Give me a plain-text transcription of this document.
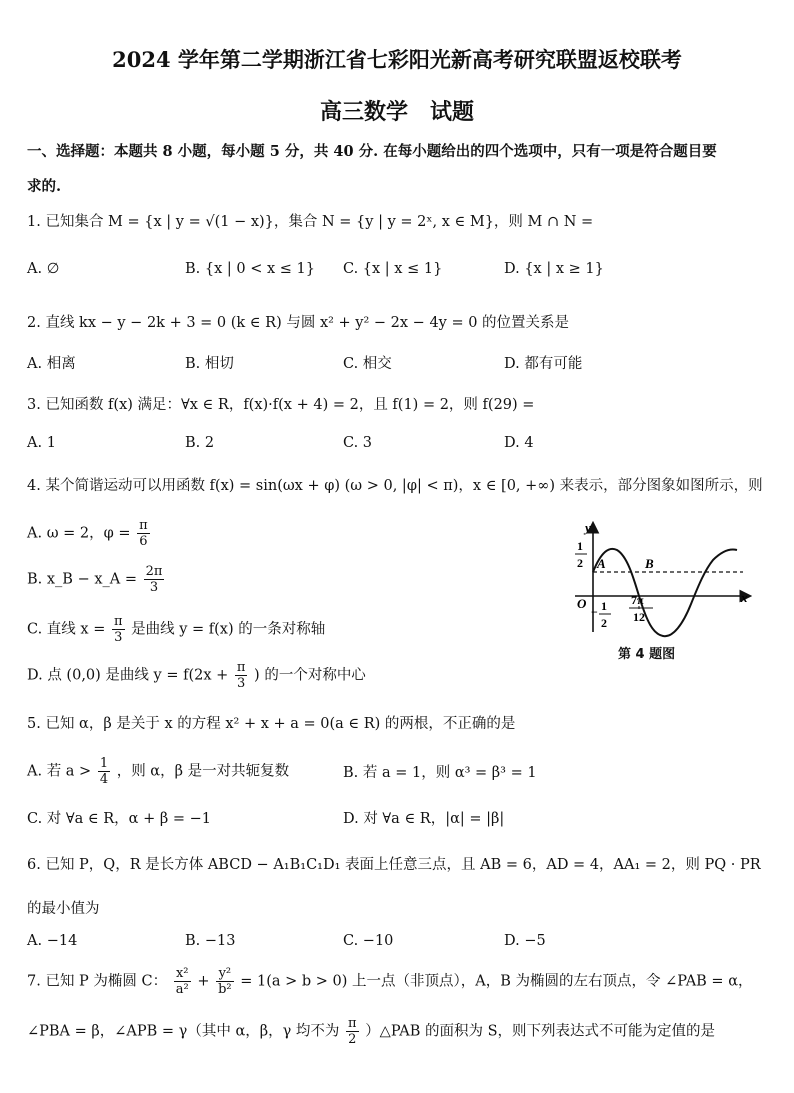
2024 学年第二学期浙江省七彩阳光新高考研究联盟返校联考
高三数学　试题
一、选择题：本题共 8 小题，每小题 5 分，共 40 分. 在每小题给出的四个选项中，只有一项是符合题目要
求的.
1. 已知集合 M = {x | y = √(1 − x)}，集合 N = {y | y = 2ˣ, x ∈ M}，则 M ∩ N =
A. ∅	B. {x | 0 < x ≤ 1} C. {x | x ≤ 1}	D. {x | x ≥ 1}
2. 直线 kx − y − 2k + 3 = 0 (k ∈ R) 与圆 x² + y² − 2x − 4y = 0 的位置关系是
A. 相离	B. 相切	C. 相交	D. 都有可能
3. 已知函数 f(x) 满足：∀x ∈ R，f(x)·f(x + 4) = 2，且 f(1) = 2，则 f(29) =
A. 1	B. 2	C. 3	D. 4
4. 某个简谐运动可以用函数 f(x) = sin(ωx + φ) (ω > 0, |φ| < π)，x ∈ [0, +∞) 来表示，部分图象如图所示，则
A. ω = 2，$\varphi = \frac{\pi}{6}$
B. x_B − x_A = $\frac{2\pi}{3}$
C. 直线 $x = \frac{\pi}{3}$ 是曲线 y = f(x) 的一条对称轴
D. 点 (0,0) 是曲线 $y = f(2x + \frac{\pi}{3}$ ) 的一个对称中心
y
x
O
1
2
− 1
2
7π
12
A	B
第 4 题图
5. 已知 α，β 是关于 x 的方程 x² + x + a = 0(a ∈ R) 的两根，不正确的是
A. 若 $a > \frac{1}{4}$ ，则 α，β 是一对共轭复数	B. 若 a = 1，则 α³ = β³ = 1
C. 对 ∀a ∈ R，α + β = −1	D. 对 ∀a ∈ R，|α| = |β|
6. 已知 P，Q，R 是长方体 ABCD − A₁B₁C₁D₁ 表面上任意三点，且 AB = 6，AD = 4，AA₁ = 2，则 PQ · PR
的最小值为
A. −14	B. −13	C. −10	D. −5
7. 已知 P 为椭圆 C： $\frac{\text{x²}}{\text{a²}} + \frac{\text{y²}}{\text{b²}} = 1(a > b > 0)$ 上一点（非顶点），A，B 为椭圆的左右顶点，令 ∠PAB = α，
∠PBA = β，∠APB = γ（其中 α，β，γ 均不为 $\frac{\pi}{2}$ ）△PAB 的面积为 S，则下列表达式不可能为定值的是
